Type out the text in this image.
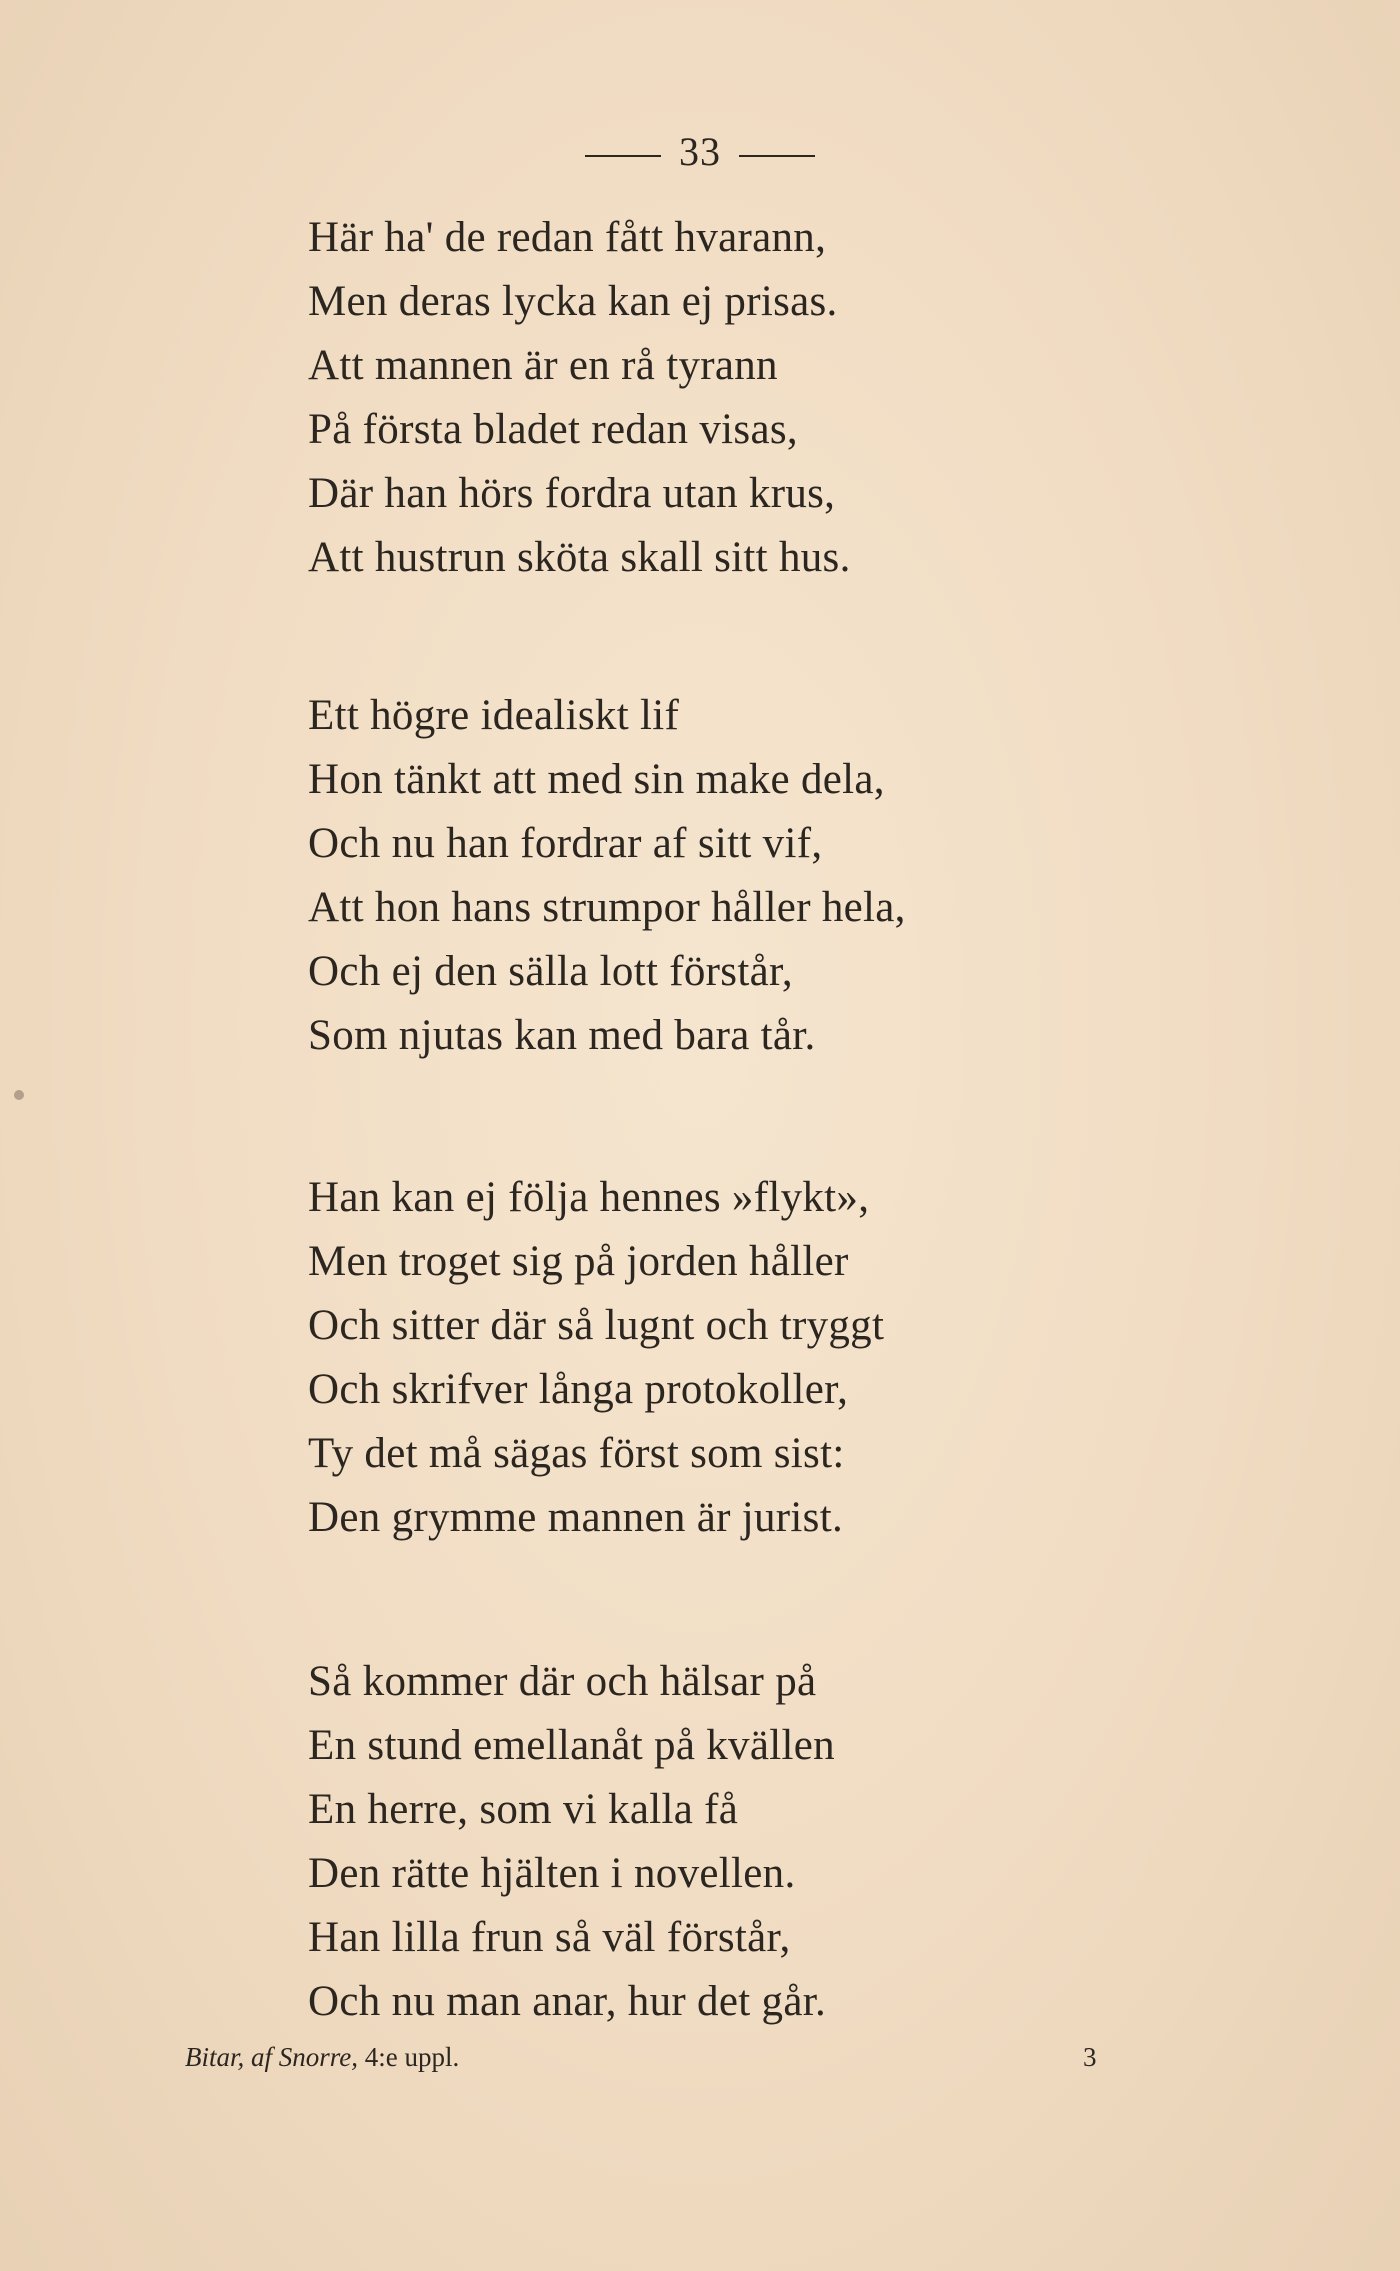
33
Här ha' de redan fått hvarann,
Men deras lycka kan ej prisas.
Att mannen är en rå tyrann
På första bladet redan visas,
Där han hörs fordra utan krus,
Att hustrun sköta skall sitt hus.
Ett högre idealiskt lif
Hon tänkt att med sin make dela,
Och nu han fordrar af sitt vif,
Att hon hans strumpor håller hela,
Och ej den sälla lott förstår,
Som njutas kan med bara tår.
Han kan ej följa hennes »flykt»,
Men troget sig på jorden håller
Och sitter där så lugnt och tryggt
Och skrifver långa protokoller,
Ty det må sägas först som sist:
Den grymme mannen är jurist.
Så kommer där och hälsar på
En stund emellanåt på kvällen
En herre, som vi kalla få
Den rätte hjälten i novellen.
Han lilla frun så väl förstår,
Och nu man anar, hur det går.
Bitar, af Snorre, 4:e uppl.	3
